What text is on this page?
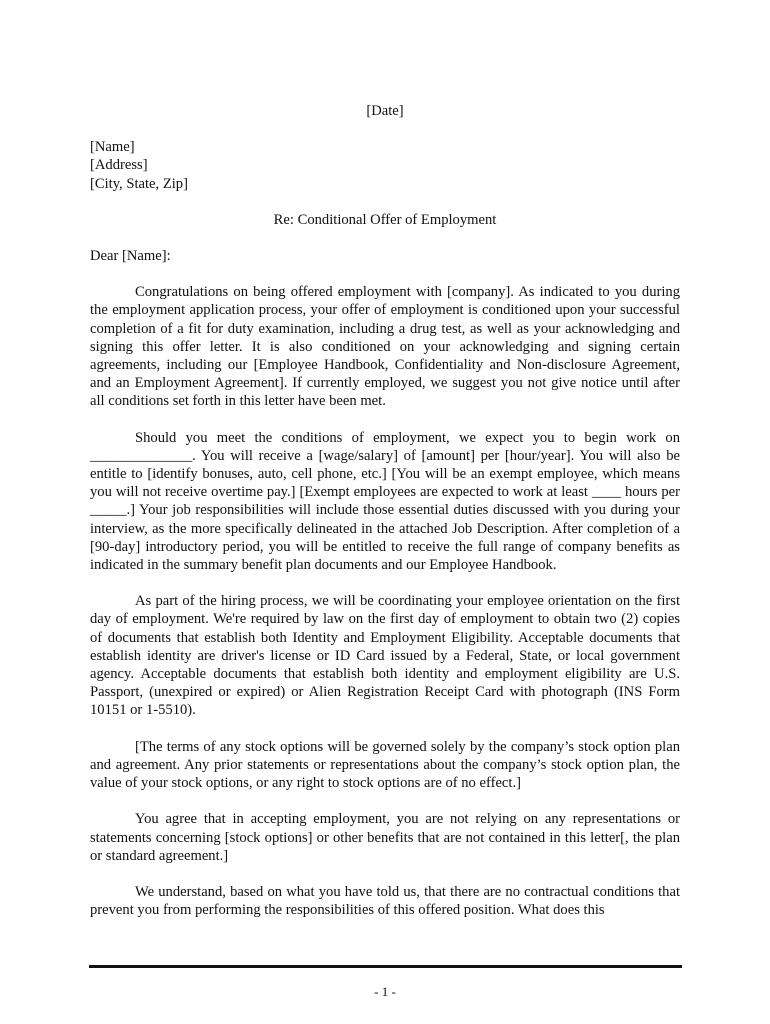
[Date]
[Name]
[Address]
[City, State, Zip]
Re: Conditional Offer of Employment
Dear [Name]:

Congratulations on being offered employment with [company]. As indicated to you during the employment application process, your offer of employment is conditioned upon your successful completion of a fit for duty examination, including a drug test, as well as your acknowledging and signing this offer letter. It is also conditioned on your acknowledging and signing certain agreements, including our [Employee Handbook, Confidentiality and Non-disclosure Agreement, and an Employment Agreement]. If currently employed, we suggest you not give notice until after all conditions set forth in this letter have been met.

Should you meet the conditions of employment, we expect you to begin work on ______________. You will receive a [wage/salary] of [amount] per [hour/year]. You will also be entitle to [identify bonuses, auto, cell phone, etc.] [You will be an exempt employee, which means you will not receive overtime pay.] [Exempt employees are expected to work at least ____ hours per _____.] Your job responsibilities will include those essential duties discussed with you during your interview, as the more specifically delineated in the attached Job Description. After completion of a [90-day] introductory period, you will be entitled to receive the full range of company benefits as indicated in the summary benefit plan documents and our Employee Handbook.

As part of the hiring process, we will be coordinating your employee orientation on the first day of employment. We're required by law on the first day of employment to obtain two (2) copies of documents that establish both Identity and Employment Eligibility. Acceptable documents that establish identity are driver's license or ID Card issued by a Federal, State, or local government agency. Acceptable documents that establish both identity and employment eligibility are U.S. Passport, (unexpired or expired) or Alien Registration Receipt Card with photograph (INS Form 10151 or 1-5510).

[The terms of any stock options will be governed solely by the company’s stock option plan and agreement. Any prior statements or representations about the company’s stock option plan, the value of your stock options, or any right to stock options are of no effect.]

You agree that in accepting employment, you are not relying on any representations or statements concerning [stock options] or other benefits that are not contained in this letter[, the plan or standard agreement.]

We understand, based on what you have told us, that there are no contractual conditions that prevent you from performing the responsibilities of this offered position. What does this

- 1 -
